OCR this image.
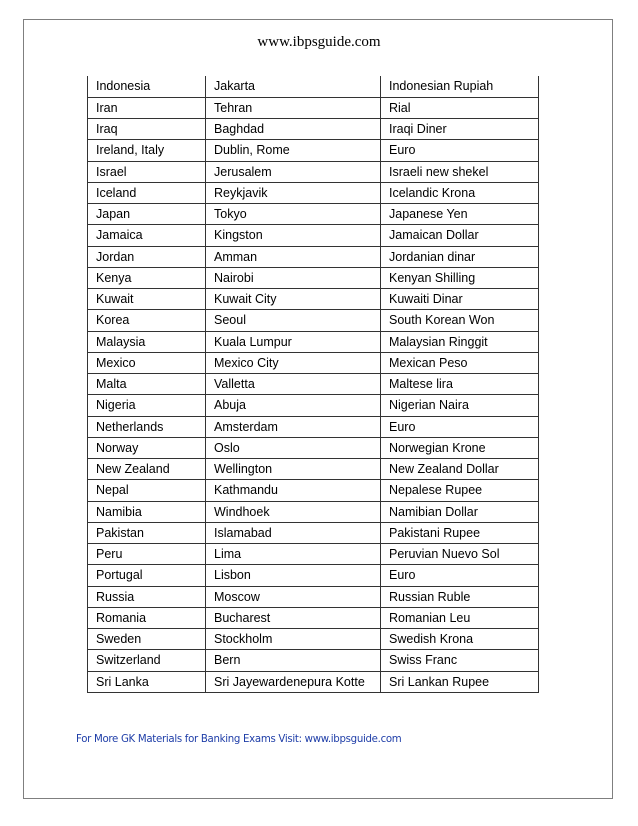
www.ibpsguide.com
Indonesia	Jakarta	Indonesian Rupiah
Iran	Tehran	Rial
Iraq	Baghdad	Iraqi Diner
Ireland, Italy	Dublin, Rome	Euro
Israel	Jerusalem	Israeli new shekel
Iceland	Reykjavik	Icelandic Krona
Japan	Tokyo	Japanese Yen
Jamaica	Kingston	Jamaican Dollar
Jordan	Amman	Jordanian dinar
Kenya	Nairobi	Kenyan Shilling
Kuwait	Kuwait City	Kuwaiti Dinar
Korea	Seoul	South Korean Won
Malaysia	Kuala Lumpur	Malaysian Ringgit
Mexico	Mexico City	Mexican Peso
Malta	Valletta	Maltese lira
Nigeria	Abuja	Nigerian Naira
Netherlands	Amsterdam	Euro
Norway	Oslo	Norwegian Krone
New Zealand	Wellington	New Zealand Dollar
Nepal	Kathmandu	Nepalese Rupee
Namibia	Windhoek	Namibian Dollar
Pakistan	Islamabad	Pakistani Rupee
Peru	Lima	Peruvian Nuevo Sol
Portugal	Lisbon	Euro
Russia	Moscow	Russian Ruble
Romania	Bucharest	Romanian Leu
Sweden	Stockholm	Swedish Krona
Switzerland	Bern	Swiss Franc
Sri Lanka	Sri Jayewardenepura Kotte	Sri Lankan Rupee
For More GK Materials for Banking Exams Visit: www.ibpsguide.com
